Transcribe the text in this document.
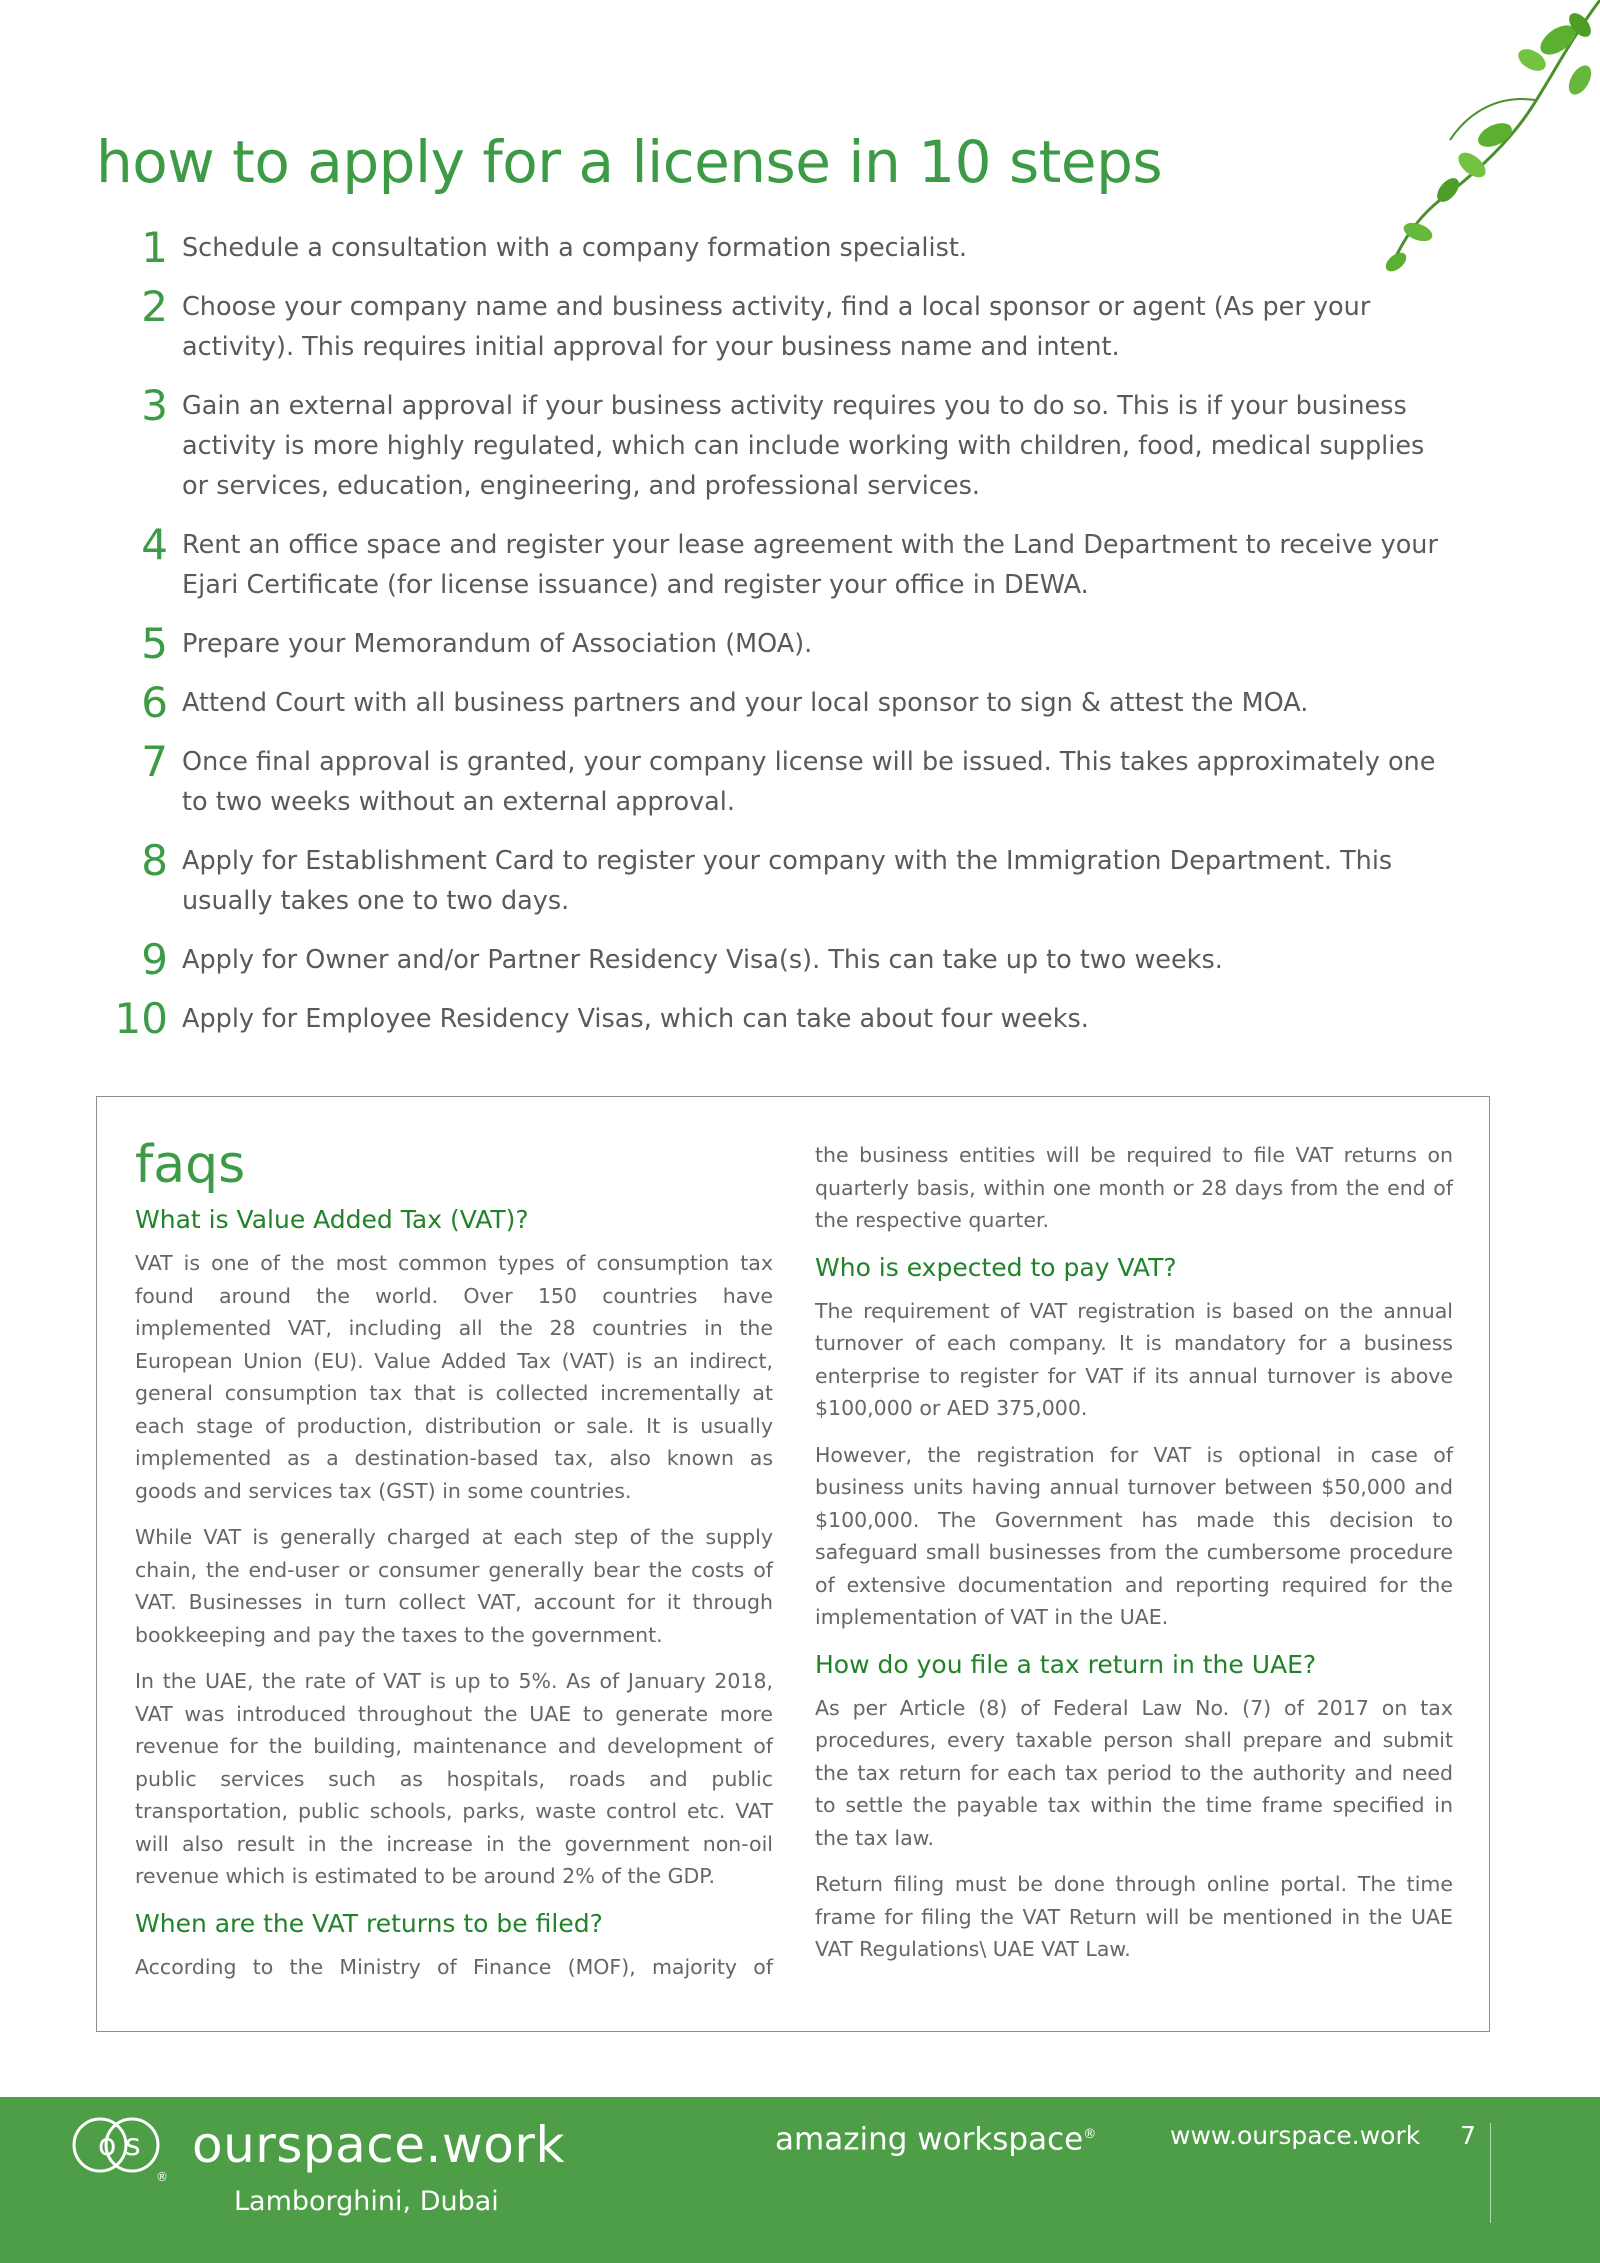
how to apply for a license in 10 steps
1 Schedule a consultation with a company formation specialist.
2 Choose your company name and business activity, find a local sponsor or agent (As per your activity). This requires initial approval for your business name and intent.
3 Gain an external approval if your business activity requires you to do so. This is if your business activity is more highly regulated, which can include working with children, food, medical supplies or services, education, engineering, and professional services.
4 Rent an office space and register your lease agreement with the Land Department to receive your Ejari Certificate (for license issuance) and register your office in DEWA.
5 Prepare your Memorandum of Association (MOA).
6 Attend Court with all business partners and your local sponsor to sign & attest the MOA.
7 Once final approval is granted, your company license will be issued. This takes approximately one to two weeks without an external approval.
8 Apply for Establishment Card to register your company with the Immigration Department. This usually takes one to two days.
9 Apply for Owner and/or Partner Residency Visa(s). This can take up to two weeks.
10 Apply for Employee Residency Visas, which can take about four weeks.
faqs
What is Value Added Tax (VAT)?

VAT is one of the most common types of consumption tax found around the world. Over 150 countries have implemented VAT, including all the 28 countries in the European Union (EU). Value Added Tax (VAT) is an indirect, general consumption tax that is collected incrementally at each stage of production, distribution or sale. It is usually implemented as a destination-based tax, also known as goods and services tax (GST) in some countries.

While VAT is generally charged at each step of the supply chain, the end-user or consumer generally bear the costs of VAT. Businesses in turn collect VAT, account for it through bookkeeping and pay the taxes to the government.

In the UAE, the rate of VAT is up to 5%. As of January 2018, VAT was introduced throughout the UAE to generate more revenue for the building, maintenance and development of public services such as hospitals, roads and public transportation, public schools, parks, waste control etc. VAT will also result in the increase in the government non-oil revenue which is estimated to be around 2% of the GDP.

When are the VAT returns to be filed?

According to the Ministry of Finance (MOF), majority of

the business entities will be required to file VAT returns on quarterly basis, within one month or 28 days from the end of the respective quarter.

Who is expected to pay VAT?

The requirement of VAT registration is based on the annual turnover of each company. It is mandatory for a business enterprise to register for VAT if its annual turnover is above $100,000 or AED 375,000.

However, the registration for VAT is optional in case of business units having annual turnover between $50,000 and $100,000. The Government has made this decision to safeguard small businesses from the cumbersome procedure of extensive documentation and reporting required for the implementation of VAT in the UAE.

How do you file a tax return in the UAE?

As per Article (8) of Federal Law No. (7) of 2017 on tax procedures, every taxable person shall prepare and submit the tax return for each tax period to the authority and need to settle the payable tax within the time frame specified in the tax law.

Return filing must be done through online portal. The time frame for filing the VAT Return will be mentioned in the UAE VAT Regulations\ UAE VAT Law.

o s
®
ourspace.work
Lamborghini, Dubai
amazing workspace®	www.ourspace.work 7
